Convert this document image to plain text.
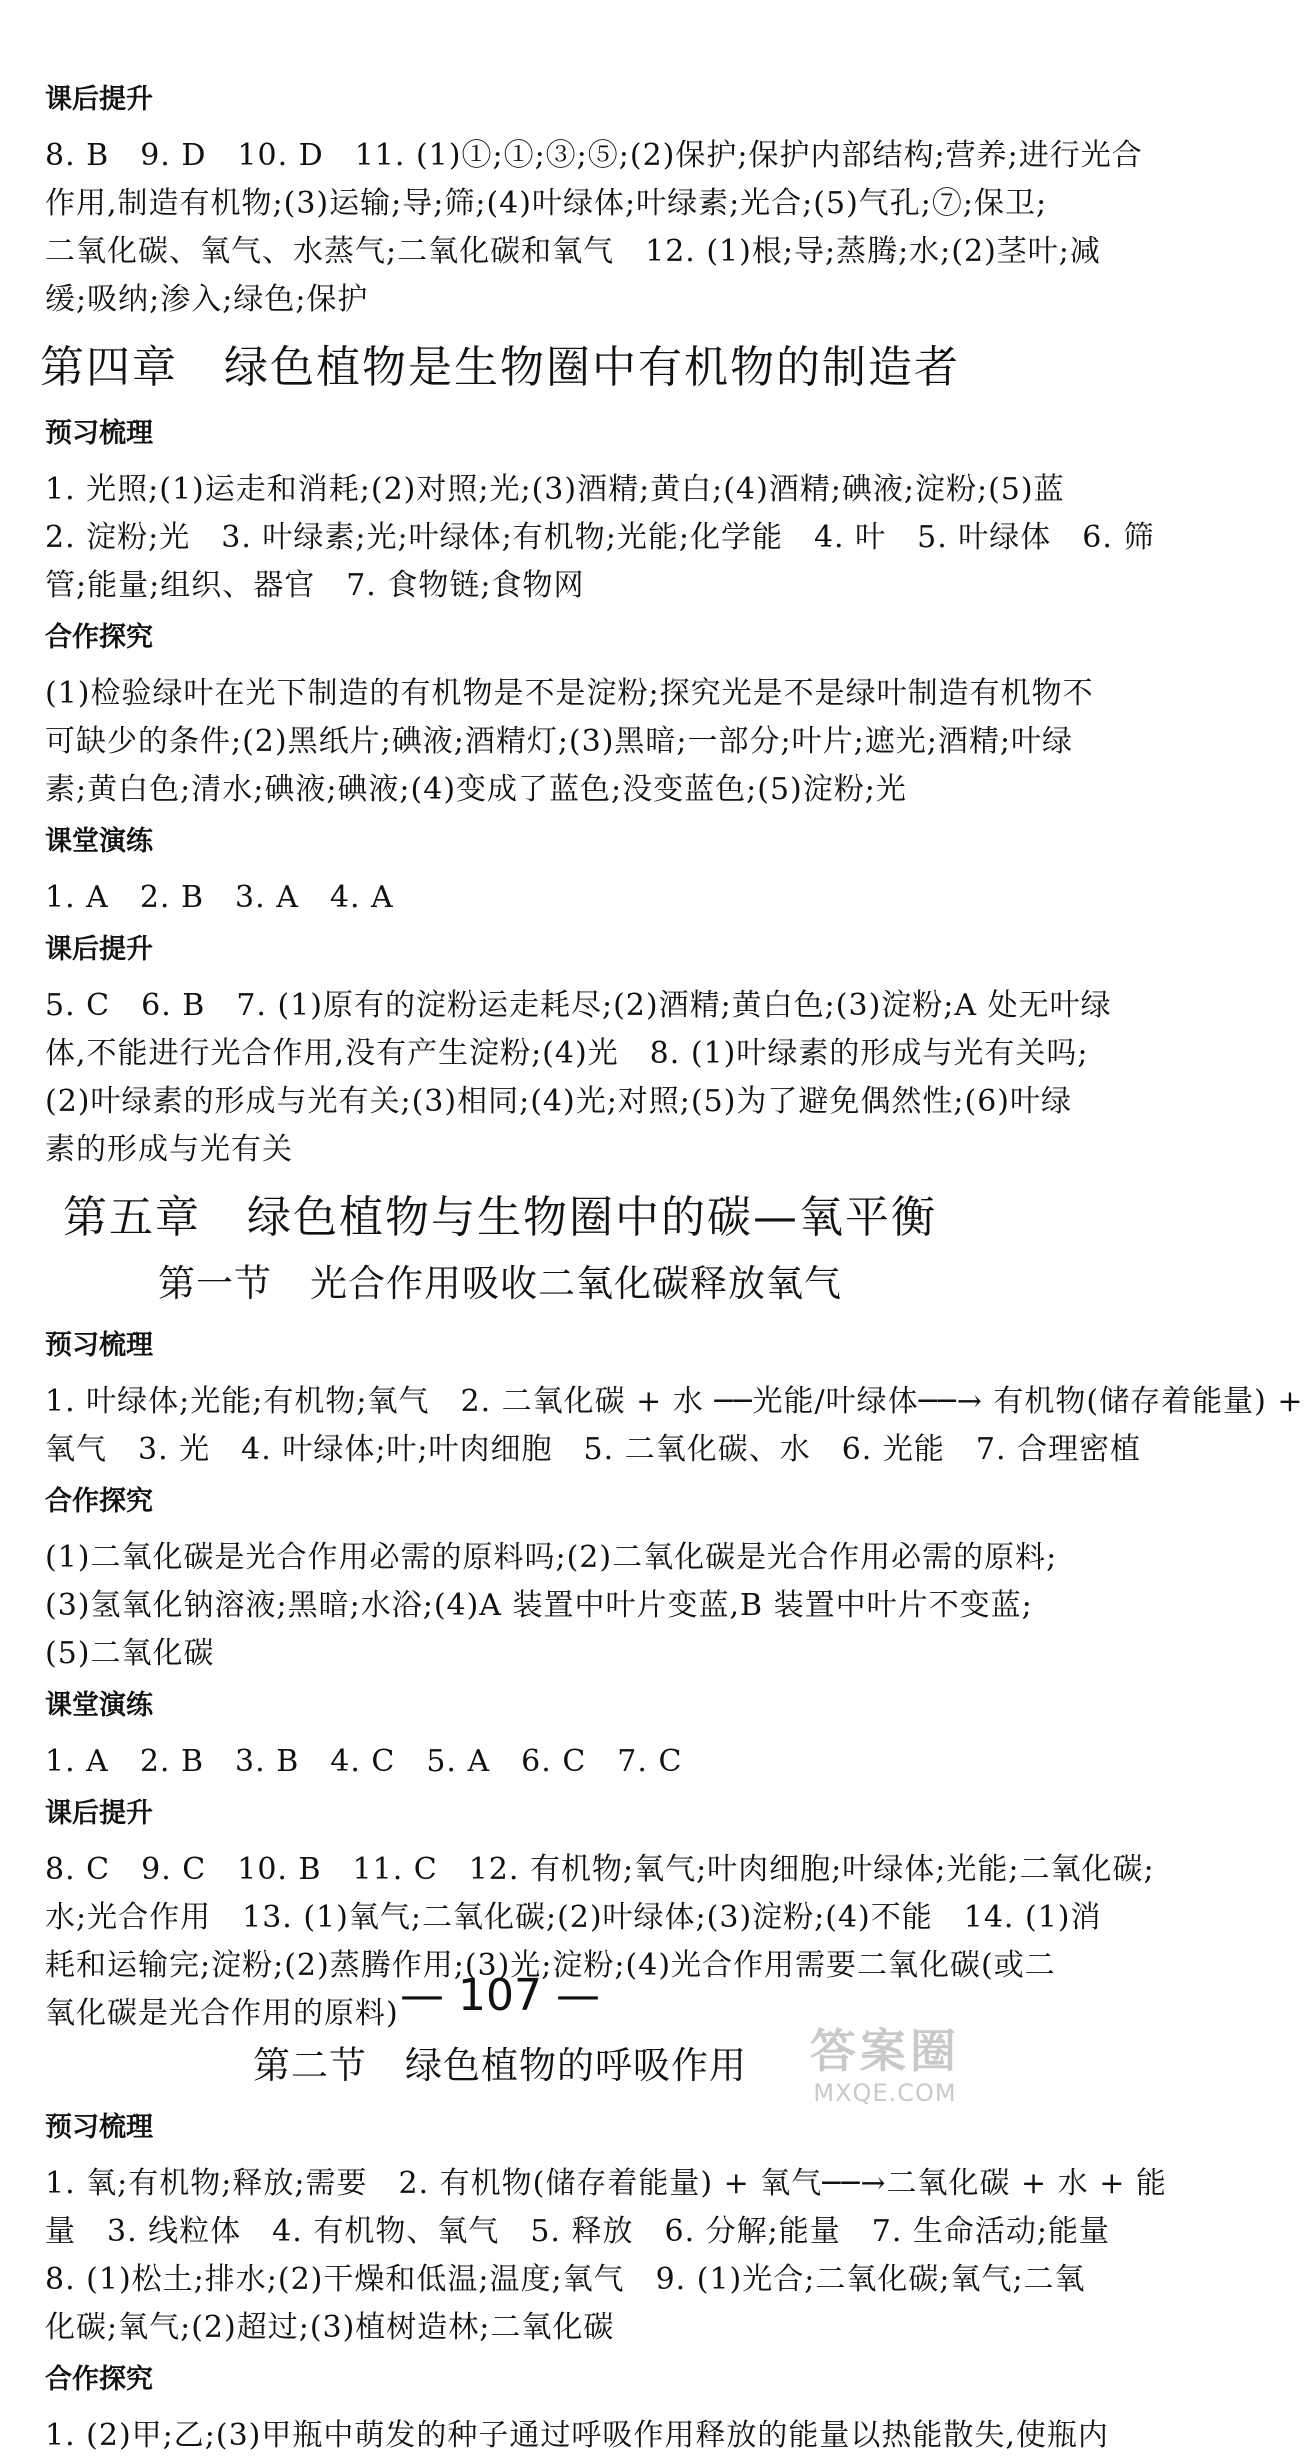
课后提升
8. B　9. D　10. D　11. (1)①;①;③;⑤;(2)保护;保护内部结构;营养;进行光合
作用,制造有机物;(3)运输;导;筛;(4)叶绿体;叶绿素;光合;(5)气孔;⑦;保卫;
二氧化碳、氧气、水蒸气;二氧化碳和氧气　12. (1)根;导;蒸腾;水;(2)茎叶;减
缓;吸纳;渗入;绿色;保护
第四章　绿色植物是生物圈中有机物的制造者
预习梳理
1. 光照;(1)运走和消耗;(2)对照;光;(3)酒精;黄白;(4)酒精;碘液;淀粉;(5)蓝
2. 淀粉;光　3. 叶绿素;光;叶绿体;有机物;光能;化学能　4. 叶　5. 叶绿体　6. 筛
管;能量;组织、器官　7. 食物链;食物网
合作探究
(1)检验绿叶在光下制造的有机物是不是淀粉;探究光是不是绿叶制造有机物不
可缺少的条件;(2)黑纸片;碘液;酒精灯;(3)黑暗;一部分;叶片;遮光;酒精;叶绿
素;黄白色;清水;碘液;碘液;(4)变成了蓝色;没变蓝色;(5)淀粉;光
课堂演练
1. A　2. B　3. A　4. A
课后提升
5. C　6. B　7. (1)原有的淀粉运走耗尽;(2)酒精;黄白色;(3)淀粉;A 处无叶绿
体,不能进行光合作用,没有产生淀粉;(4)光　8. (1)叶绿素的形成与光有关吗;
(2)叶绿素的形成与光有关;(3)相同;(4)光;对照;(5)为了避免偶然性;(6)叶绿
素的形成与光有关
第五章　绿色植物与生物圈中的碳—氧平衡
第一节　光合作用吸收二氧化碳释放氧气
预习梳理
1. 叶绿体;光能;有机物;氧气　2. 二氧化碳 + 水 ──光能/叶绿体──→ 有机物(储存着能量) +
氧气　3. 光　4. 叶绿体;叶;叶肉细胞　5. 二氧化碳、水　6. 光能　7. 合理密植
合作探究
(1)二氧化碳是光合作用必需的原料吗;(2)二氧化碳是光合作用必需的原料;
(3)氢氧化钠溶液;黑暗;水浴;(4)A 装置中叶片变蓝,B 装置中叶片不变蓝;
(5)二氧化碳
课堂演练
1. A　2. B　3. B　4. C　5. A　6. C　7. C
课后提升
8. C　9. C　10. B　11. C　12. 有机物;氧气;叶肉细胞;叶绿体;光能;二氧化碳;
水;光合作用　13. (1)氧气;二氧化碳;(2)叶绿体;(3)淀粉;(4)不能　14. (1)消
耗和运输完;淀粉;(2)蒸腾作用;(3)光;淀粉;(4)光合作用需要二氧化碳(或二
氧化碳是光合作用的原料)
第二节　绿色植物的呼吸作用
预习梳理
1. 氧;有机物;释放;需要　2. 有机物(储存着能量) + 氧气──→二氧化碳 + 水 + 能
量　3. 线粒体　4. 有机物、氧气　5. 释放　6. 分解;能量　7. 生命活动;能量
8. (1)松土;排水;(2)干燥和低温;温度;氧气　9. (1)光合;二氧化碳;氧气;二氧
化碳;氧气;(2)超过;(3)植树造林;二氧化碳
合作探究
1. (2)甲;乙;(3)甲瓶中萌发的种子通过呼吸作用释放的能量以热能散失,使瓶内
— 107 —
答案圈
MXQE.COM
